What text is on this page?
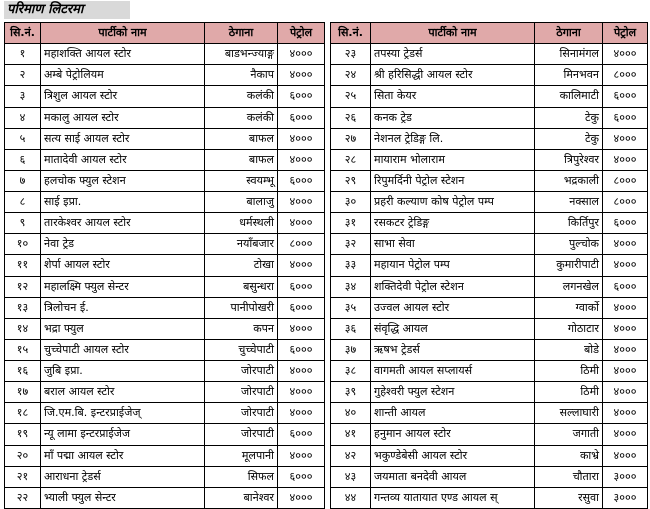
परिमाण लिटरमा
सि.नं.	पार्टीको नाम	ठेगाना	पेट्रोल
१	महाशक्ति आयल स्टोर	बाडभन्ज्याङ्ग	४०००
२	अम्बे पेट्रोलियम	नैकाप	४०००
३	त्रिशुल आयल स्टोर	कलंकी	६०००
४	मकालु आयल स्टोर	कलंकी	६०००
५	सत्य साई आयल स्टोर	बाफल	४०००
६	मातादेवी आयल स्टोर	बाफल	४०००
७	हलचोक फ्युल स्टेशन	स्वयम्भू	६०००
८	साई इप्रा.	बालाजु	४०००
९	तारकेश्वर आयल स्टोर	धर्मस्थली	४०००
१०	नेवा ट्रेड	नयाँबजार	८०००
११	शेर्पा आयल स्टोर	टोखा	४०००
१२	महालक्ष्मि फ्युल सेन्टर	बसुन्धरा	६०००
१३	त्रिलोचन ई.	पानीपोखरी	६०००
१४	भद्रा फ्युल	कपन	४०००
१५	चुच्चेपाटी आयल स्टोर	चुच्चेपाटी	६०००
१६	जुबि इप्रा.	जोरपाटी	४०००
१७	बराल आयल स्टोर	जोरपाटी	४०००
१८	जि.एम.बि. इन्टरप्राईजेज्	जोरपाटी	४०००
१९	न्यू लामा इन्टरप्राईजेज	जोरपाटी	६०००
२०	माँ पद्मा आयल स्टोर	मूलपानी	४०००
२१	आराधना ट्रेडर्स	सिफल	६०००
२२	भ्याली फ्युल सेन्टर	बानेश्वर	४०००
सि.नं.	पार्टीको नाम	ठेगाना	पेट्रोल
२३	तपस्या ट्रेडर्स	सिनामंगल	४०००
२४	श्री हरिसिद्धी आयल स्टोर	मिनभवन	८०००
२५	सिता केयर	कालिमाटी	६०००
२६	कनक ट्रेड	टेकु	६०००
२७	नेशनल ट्रेडिङ्ग लि.	टेकु	४०००
२८	मायाराम भोलाराम	त्रिपुरेश्वर	४०००
२९	रिपुमर्दिनी पेट्रोल स्टेशन	भद्रकाली	८०००
३०	प्रहरी कल्याण कोष पेट्रोल पम्प	नक्साल	८०००
३१	रसकटर ट्रेडिङ्ग	किर्तिपुर	६०००
३२	साभा सेवा	पुल्चोक	४०००
३३	महायान पेट्रोल पम्प	कुमारीपाटी	४०००
३४	शक्तिदेवी पेट्रोल स्टेशन	लगनखेल	६०००
३५	उज्वल आयल स्टोर	ग्वार्को	४०००
३६	संवृद्धि आयल	गोठाटार	४०००
३७	ऋषभ ट्रेडर्स	बोडे	४०००
३८	वागमती आयल सप्लायर्स	ठिमी	४०००
३९	गुहेश्वरी फ्युल स्टेशन	ठिमी	४०००
४०	शान्ती आयल	सल्लाघारी	४०००
४१	हनुमान आयल स्टोर	जगाती	४०००
४२	भकुण्डेबेसी आयल स्टोर	काभ्रे	४०००
४३	जयमाता बनदेवी आयल	चौतारा	३०००
४४	गन्तव्य यातायात एण्ड आयल स्	रसुवा	३०००
